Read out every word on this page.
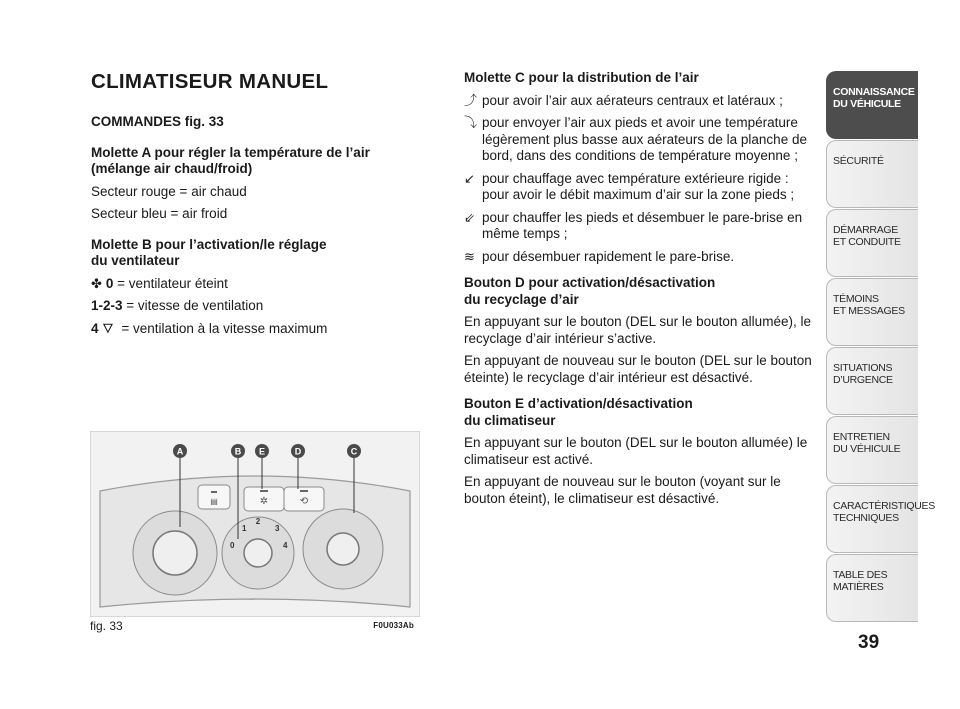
CLIMATISEUR MANUEL
COMMANDES fig. 33
Molette A pour régler la température de l’air (mélange air chaud/froid)

Secteur rouge = air chaud

Secteur bleu = air froid

Molette B pour l’activation/le réglage
du ventilateur

✤ 0 = ventilateur éteint

1-2-3 = vitesse de ventilation

4 🜄 = ventilation à la vitesse maximum

Molette C pour la distribution de l’air
⤴ pour avoir l’air aux aérateurs centraux et latéraux ;
⤵ pour envoyer l’air aux pieds et avoir une température légèrement plus basse aux aérateurs de la planche de bord, dans des conditions de température moyenne ;
↙ pour chauffage avec température extérieure rigide : pour avoir le débit maximum d’air sur la zone pieds ;
⇙ pour chauffer les pieds et désembuer le pare-brise en même temps ;
≋ pour désembuer rapidement le pare-brise.
Bouton D pour activation/désactivation
du recyclage d’air

En appuyant sur le bouton (DEL sur le bouton allumée), le recyclage d’air intérieur s’active.

En appuyant de nouveau sur le bouton (DEL sur le bouton éteinte) le recyclage d’air intérieur est désactivé.

Bouton E d’activation/désactivation
du climatiseur

En appuyant sur le bouton (DEL sur le bouton allumée) le climatiseur est activé.

En appuyant de nouveau sur le bouton (voyant sur le bouton éteint), le climatiseur est désactivé.

▤	✲	⟲
1
2
3
0	4
A	B E	D	C
fig. 33	F0U033Ab
CONNAISSANCE
DU VÉHICULE
SÉCURITÉ
DÉMARRAGE
ET CONDUITE
TÉMOINS
ET MESSAGES
SITUATIONS
D’URGENCE
ENTRETIEN
DU VÉHICULE
CARACTÉRISTIQUES
TECHNIQUES
TABLE DES
MATIÈRES
39
